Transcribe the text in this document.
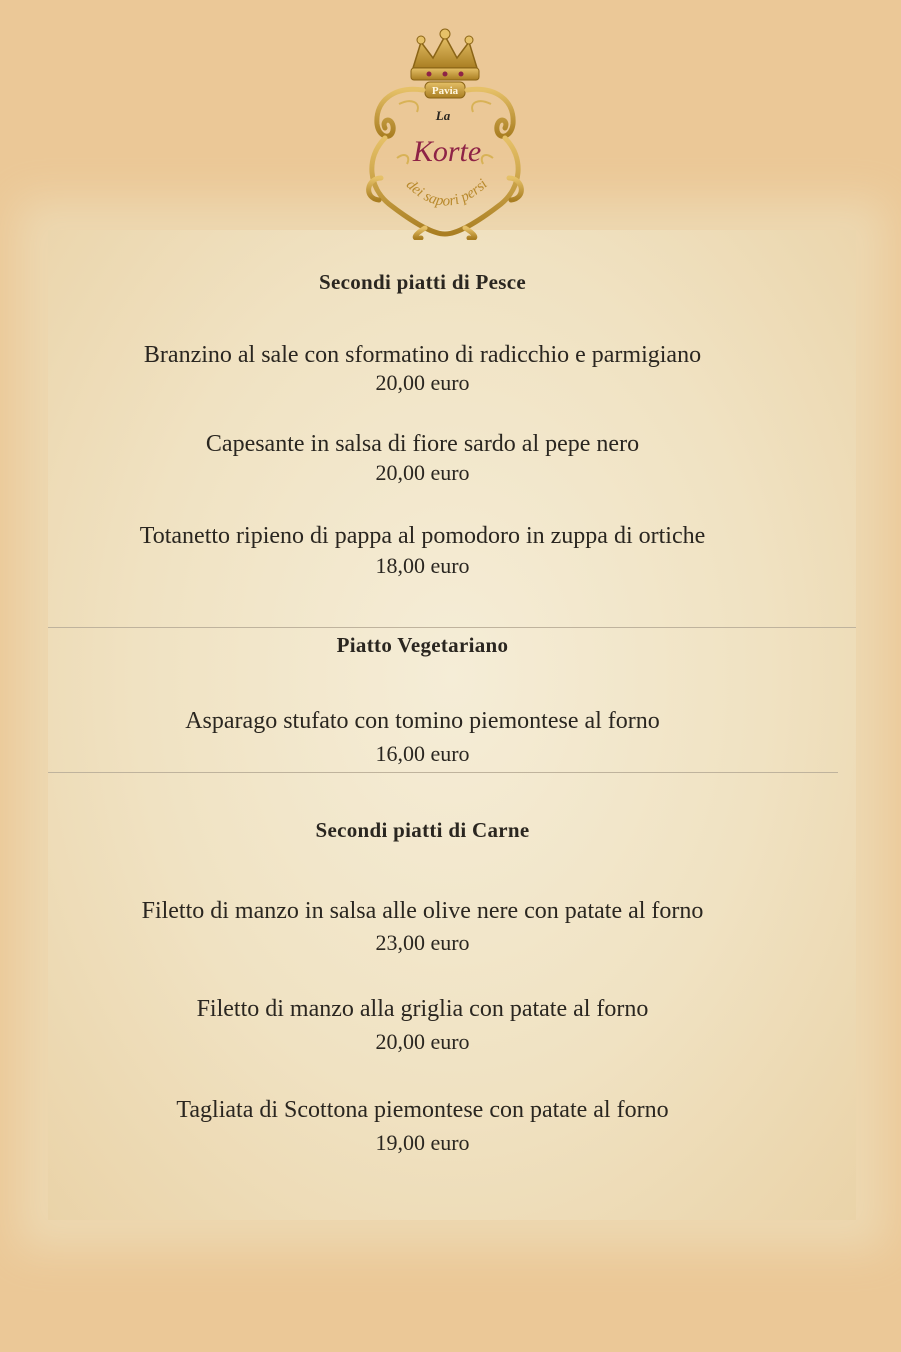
Pavia
La
Korte
dei sapori persi
Secondi piatti di Pesce
Branzino al sale con sformatino di radicchio e parmigiano
20,00 euro
Capesante in salsa di fiore sardo al pepe nero
20,00 euro
Totanetto ripieno di pappa al pomodoro in zuppa di ortiche
18,00 euro
Piatto Vegetariano
Asparago stufato con tomino piemontese al forno
16,00 euro
Secondi piatti di Carne
Filetto di manzo in salsa alle olive nere con patate al forno
23,00 euro
Filetto di manzo alla griglia con patate al forno
20,00 euro
Tagliata di Scottona piemontese con patate al forno
19,00 euro
